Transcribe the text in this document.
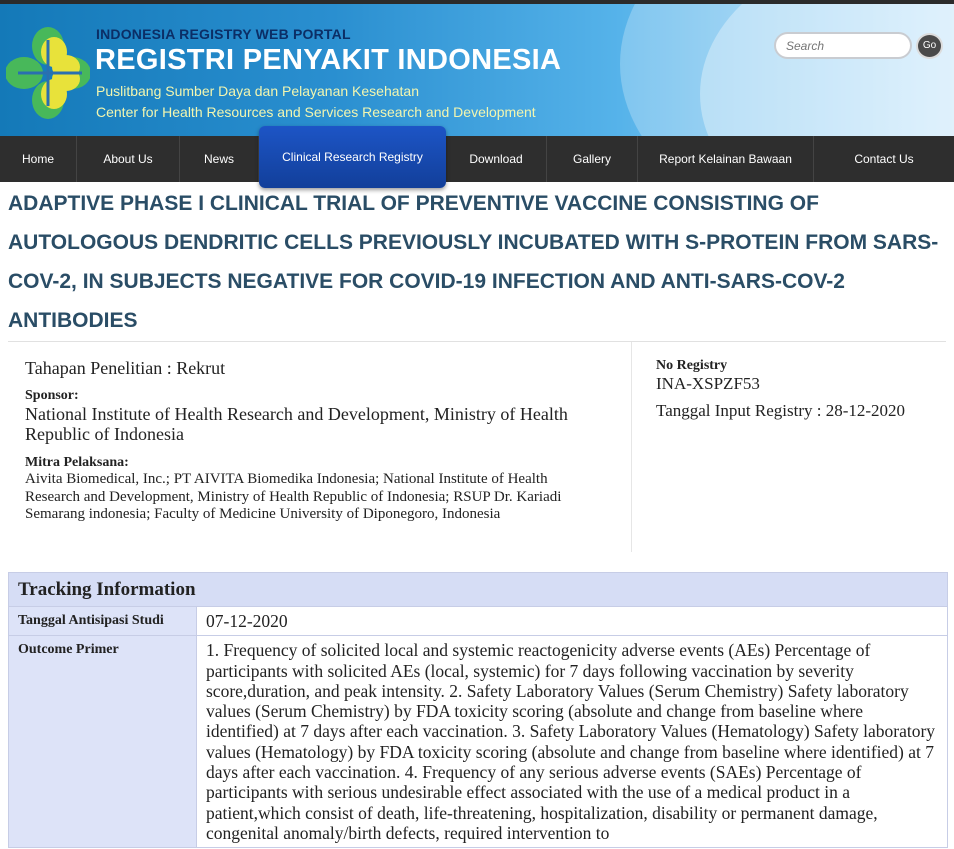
INDONESIA REGISTRY WEB PORTAL
REGISTRI PENYAKIT INDONESIA
Puslitbang Sumber Daya dan Pelayanan Kesehatan
Center for Health Resources and Services Research and Development
Search
Go
Home	About Us	News	Clinical Research Registry	Download	Gallery	Report Kelainan Bawaan	Contact Us
ADAPTIVE PHASE I CLINICAL TRIAL OF PREVENTIVE VACCINE CONSISTING OF AUTOLOGOUS DENDRITIC CELLS PREVIOUSLY INCUBATED WITH S-PROTEIN FROM SARS-COV-2, IN SUBJECTS NEGATIVE FOR COVID-19 INFECTION AND ANTI-SARS-COV-2 ANTIBODIES
Tahapan Penelitian : Rekrut
Sponsor:
National Institute of Health Research and Development, Ministry of Health Republic of Indonesia
Mitra Pelaksana:
Aivita Biomedical, Inc.; PT AIVITA Biomedika Indonesia; National Institute of Health Research and Development, Ministry of Health Republic of Indonesia; RSUP Dr. Kariadi Semarang indonesia; Faculty of Medicine University of Diponegoro, Indonesia
No Registry
INA-XSPZF53
Tanggal Input Registry : 28-12-2020
Tracking Information	
Tanggal Antisipasi Studi	07-12-2020
Outcome Primer	1. Frequency of solicited local and systemic reactogenicity adverse events (AEs) Percentage of participants with solicited AEs (local, systemic) for 7 days following vaccination by severity score,duration, and peak intensity. 2. Safety Laboratory Values (Serum Chemistry) Safety laboratory values (Serum Chemistry) by FDA toxicity scoring (absolute and change from baseline where identified) at 7 days after each vaccination. 3. Safety Laboratory Values (Hematology) Safety laboratory values (Hematology) by FDA toxicity scoring (absolute and change from baseline where identified) at 7 days after each vaccination. 4. Frequency of any serious adverse events (SAEs) Percentage of participants with serious undesirable effect associated with the use of a medical product in a patient,which consist of death, life-threatening, hospitalization, disability or permanent damage, congenital anomaly/birth defects, required intervention to
